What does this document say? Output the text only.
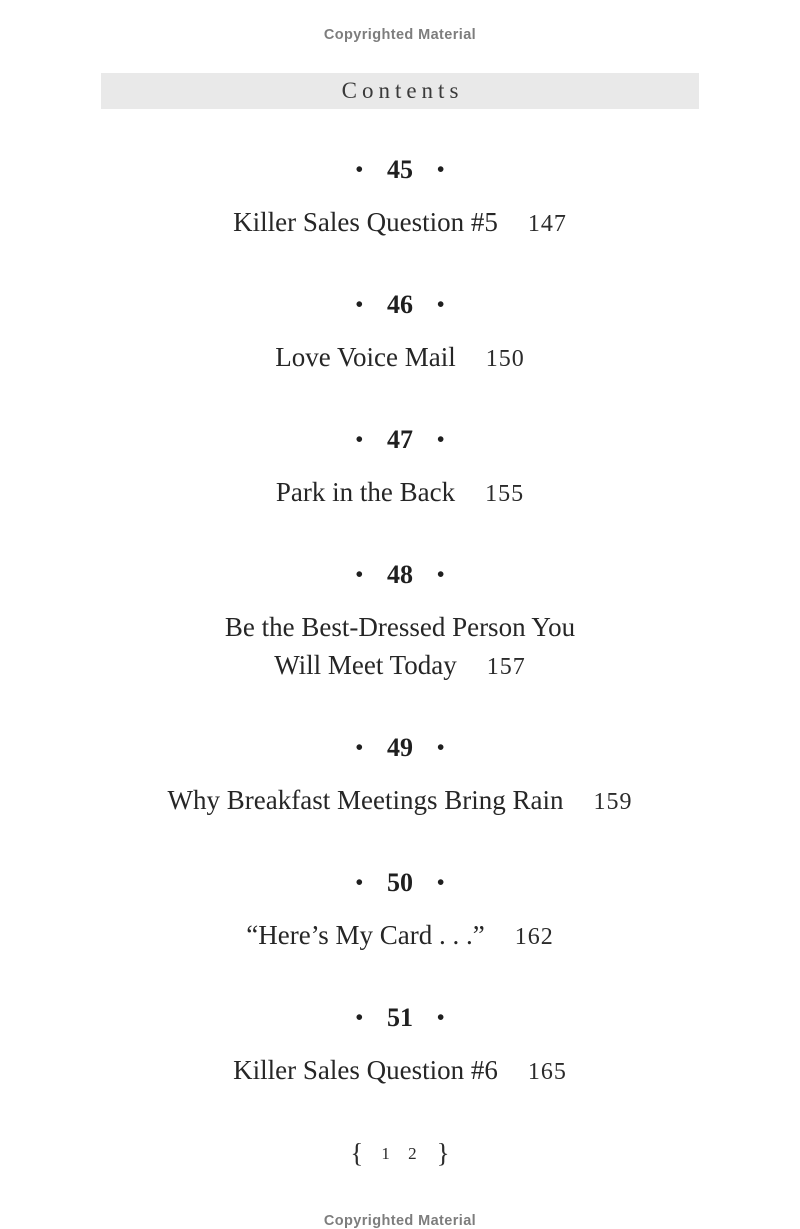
Copyrighted Material
Contents
• 45 •
Killer Sales Question #5 147
• 46 •
Love Voice Mail 150
• 47 •
Park in the Back 155
• 48 •
Be the Best-Dressed Person You
Will Meet Today 157
• 49 •
Why Breakfast Meetings Bring Rain 159
• 50 •
“Here’s My Card . . .” 162
• 51 •
Killer Sales Question #6 165
{ 1 2 }
Copyrighted Material
